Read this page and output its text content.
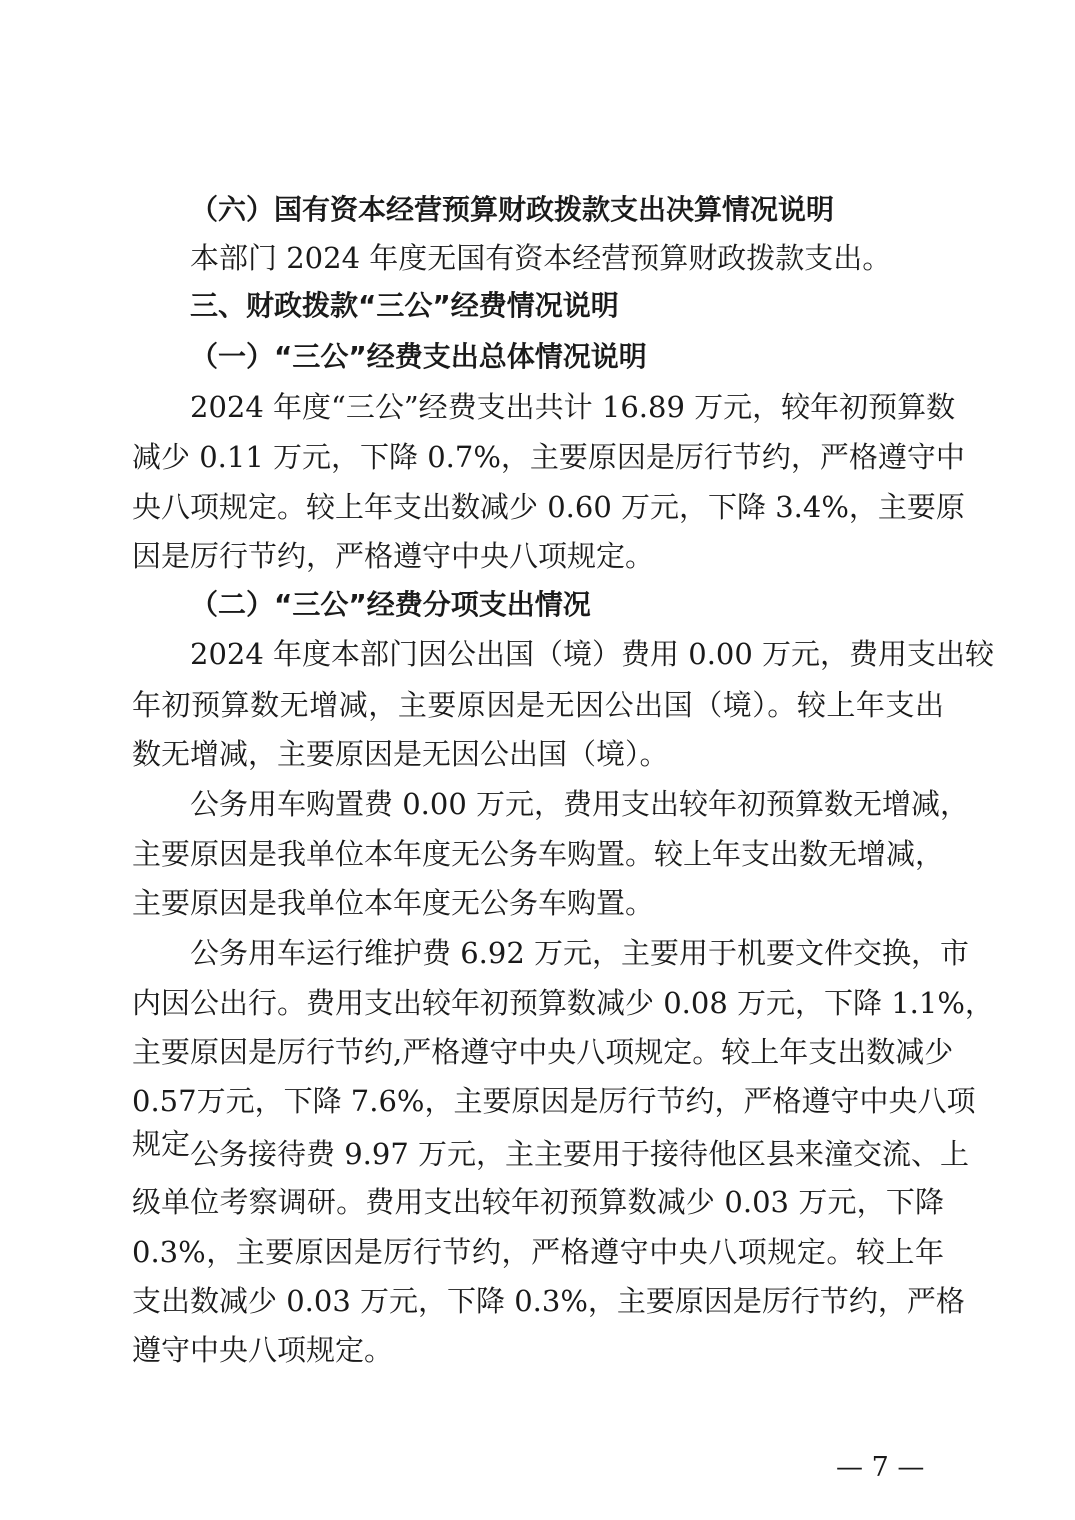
（六）国有资本经营预算财政拨款支出决算情况说明
本部门 2024 年度无国有资本经营预算财政拨款支出。
三、财政拨款“三公”经费情况说明
（一）“三公”经费支出总体情况说明
2024 年度“三公”经费支出共计 16.89 万元，较年初预算数
减少 0.11 万元，下降 0.7%，主要原因是厉行节约，严格遵守中
央八项规定。较上年支出数减少 0.60 万元，下降 3.4%，主要原
因是厉行节约，严格遵守中央八项规定。
（二）“三公”经费分项支出情况
2024 年度本部门因公出国（境）费用 0.00 万元，费用支出较
年初预算数无增减，主要原因是无因公出国（境）。较上年支出
数无增减，主要原因是无因公出国（境）。
公务用车购置费 0.00 万元，费用支出较年初预算数无增减，
主要原因是我单位本年度无公务车购置。较上年支出数无增减，
主要原因是我单位本年度无公务车购置。
公务用车运行维护费 6.92 万元，主要用于机要文件交换，市
内因公出行。费用支出较年初预算数减少 0.08 万元，下降 1.1%，
主要原因是厉行节约,严格遵守中央八项规定。较上年支出数减少
0.57万元，下降 7.6%，主要原因是厉行节约，严格遵守中央八项
规定 公务接待费 9.97 万元，主主要用于接待他区县来潼交流、上
级单位考察调研。费用支出较年初预算数减少 0.03 万元，下降
0.3%，主要原因是厉行节约，严格遵守中央八项规定。较上年
支出数减少 0.03 万元，下降 0.3%，主要原因是厉行节约，严格
遵守中央八项规定。
— 7 —
